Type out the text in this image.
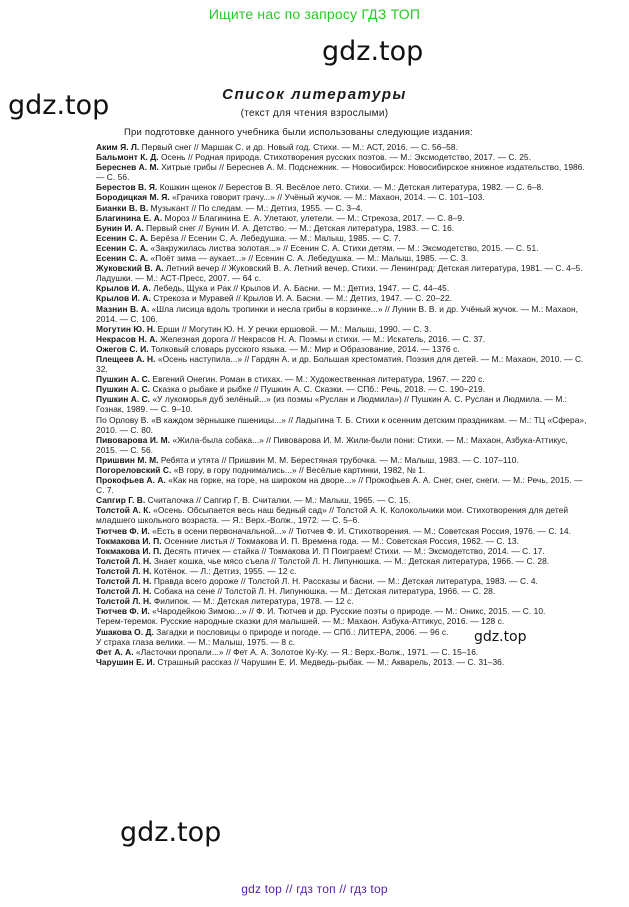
Ищите нас по запросу ГДЗ ТОП
gdz.top
gdz.top	Список литературы
(текст для чтения взрослыми)
При подготовке данного учебника были использованы следующие издания:

Аким Я. Л. Первый снег // Маршак С. и др. Новый год. Стихи. — М.: АСТ, 2016. — С. 56–58.

Бальмонт К. Д. Осень // Родная природа. Стихотворения русских поэтов. — М.: Эксмодетство, 2017. — С. 25.

Береснев А. М. Хитрые грибы // Береснев А. М. Подснежник. — Новосибирск: Новосибирское книжное издательство, 1986. — С. 56.

Берестов В. Я. Кошкин щенок // Берестов В. Я. Весёлое лето. Стихи. — М.: Детская литература, 1982. — С. 6–8.

Бородицкая М. Я. «Грачиха говорит грачу...» // Учёный жучок. — М.: Махаон, 2014. — С. 101–103.

Бианки В. В. Музыкант // По следам. — М.: Детгиз, 1955. — С. 3–4.

Благинина Е. А. Мороз // Благинина Е. А. Улетают, улетели. — М.: Стрекоза, 2017. — С. 8–9.

Бунин И. А. Первый снег // Бунин И. А. Детство. — М.: Детская литература, 1983. — С. 16.

Есенин С. А. Берёза // Есенин С. А. Лебедушка. — М.: Малыш, 1985. — С. 7.

Есенин С. А. «Закружилась листва золотая...» // Есенин С. А. Стихи детям. — М.: Эксмодетство, 2015. — С. 51.

Есенин С. А. «Поёт зима — аукает...» // Есенин С. А. Лебедушка. — М.: Малыш, 1985. — С. 3.

Жуковский В. А. Летний вечер // Жуковский В. А. Летний вечер. Стихи. — Ленинград: Детская литература, 1981. — С. 4–5.

Ладушки. — М.: АСТ-Пресс, 2007. — 64 с.

Крылов И. А. Лебедь, Щука и Рак // Крылов И. А. Басни. — М.: Детгиз, 1947. — С. 44–45.

Крылов И. А. Стрекоза и Муравей // Крылов И. А. Басни. — М.: Детгиз, 1947. — С. 20–22.

Мазнин В. А. «Шла лисица вдоль тропинки и несла грибы в корзинке...» // Лунин В. В. и др. Учёный жучок. — М.: Махаон, 2014. — С. 106.

Могутин Ю. Н. Ерши // Могутин Ю. Н. У речки ершовой. — М.: Малыш, 1990. — С. 3.

Некрасов Н. А. Железная дорога // Некрасов Н. А. Поэмы и стихи. — М.: Искатель, 2016. — С. 37.

Ожегов С. И. Толковый словарь русского языка. — М.: Мир и Образование, 2014. — 1376 с.

Плещеев А. Н. «Осень наступила...» // Гардян А. и др. Большая хрестоматия. Поэзия для детей. — М.: Махаон, 2010. — С. 32.

Пушкин А. С. Евгений Онегин. Роман в стихах. — М.: Художественная литература, 1967. — 220 с.

Пушкин А. С. Сказка о рыбаке и рыбке // Пушкин А. С. Сказки. — СПб.: Речь, 2018. — С. 190–219.

Пушкин А. С. «У лукоморья дуб зелёный...» (из поэмы «Руслан и Людмила») // Пушкин А. С. Руслан и Людмила. — М.: Гознак, 1989. — С. 9–10.

По Орлову В. «В каждом зёрнышке пшеницы...» // Ладыгина Т. Б. Стихи к осенним детским праздникам. — М.: ТЦ «Сфера», 2010. — С. 80.

Пивоварова И. М. «Жила-была собака...» // Пивоварова И. М. Жили-были пони: Стихи. — М.: Махаон, Азбука-Аттикус, 2015. — С. 56.

Пришвин М. М. Ребята и утята // Пришвин М. М. Берестяная трубочка. — М.: Малыш, 1983. — С. 107–110.

Погореловский С. «В гору, в гору поднимались...» // Весёлые картинки, 1982, № 1.

Прокофьев А. А. «Как на горке, на горе, на широком на дворе...» // Прокофьев А. А. Снег, снег, снеги. — М.: Речь, 2015. — С. 7.

Сапгир Г. В. Считалочка // Сапгир Г. В. Считалки. — М.: Малыш, 1965. — С. 15.

Толстой А. К. «Осень. Обсыпается весь наш бедный сад» // Толстой А. К. Колокольчики мои. Стихотворения для детей младшего школьного возраста. — Я.: Верх.-Волж., 1972. — С. 5–6.

Тютчев Ф. И. «Есть в осени первоначальной...» // Тютчев Ф. И. Стихотворения. — М.: Советская Россия, 1976. — С. 14.

Токмакова И. П. Осенние листья // Токмакова И. П. Времена года. — М.: Советская Россия, 1962. — С. 13.

Токмакова И. П. Десять птичек — стайка // Токмакова И. П Поиграем! Стихи. — М.: Эксмодетство, 2014. — С. 17.

Толстой Л. Н. Знает кошка, чье мясо съела // Толстой Л. Н. Липунюшка. — М.: Детская литература, 1966. — С. 28.

Толстой Л. Н. Котёнок. — Л.: Детгиз, 1955. — 12 с.

Толстой Л. Н. Правда всего дороже // Толстой Л. Н. Рассказы и басни. — М.: Детская литература, 1983. — С. 4.

Толстой Л. Н. Собака на сене // Толстой Л. Н. Липунюшка. — М.: Детская литература, 1966. — С. 28.

Толстой Л. Н. Филипок. — М.: Детская литература, 1978. — 12 с.

Тютчев Ф. И. «Чародейкою Зимою...» // Ф. И. Тютчев и др. Русские поэты о природе. — М.: Оникс, 2015. — С. 10.

Терем-теремок. Русские народные сказки для малышей. — М.: Махаон. Азбука-Аттикус, 2016. — 128 с.

Ушакова О. Д. Загадки и пословицы о природе и погоде. — СПб.: ЛИТЕРА, 2006. — 96 с.

У страха глаза велики. — М.: Малыш, 1975. — 8 с.

Фет А. А. «Ласточки пропали...» // Фет А. А. Золотое Ку-Ку. — Я.: Верх.-Волж., 1971. — С. 15–16.

Чарушин Е. И. Страшный рассказ // Чарушин Е. И. Медведь-рыбак. — М.: Акварель, 2013. — С. 31–36.

gdz.top
gdz.top
gdz top // гдз топ // гдз top
